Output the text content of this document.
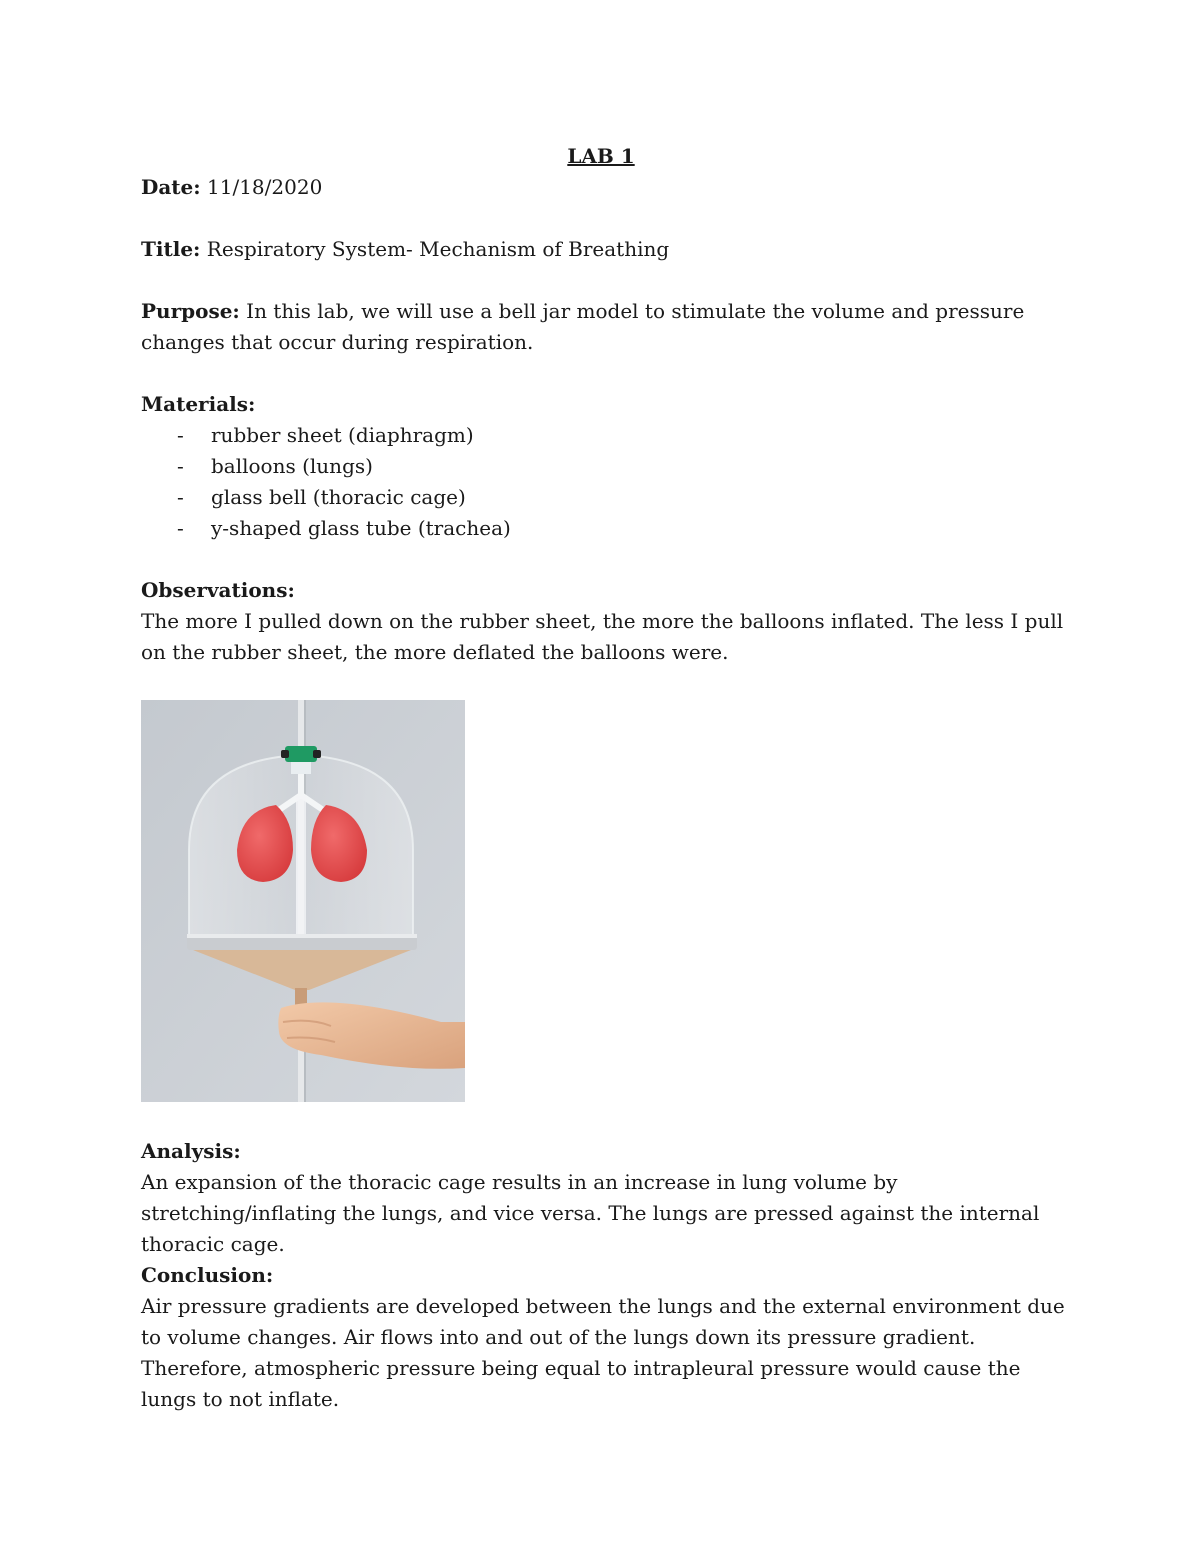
LAB 1
Date: 11/18/2020
Title: Respiratory System- Mechanism of Breathing
Purpose: In this lab, we will use a bell jar model to stimulate the volume and pressure changes that occur during respiration.
Materials:
- rubber sheet (diaphragm)
- balloons (lungs)
- glass bell (thoracic cage)
- y-shaped glass tube (trachea)
Observations:
The more I pulled down on the rubber sheet, the more the balloons inflated. The less I pull on the rubber sheet, the more deflated the balloons were.
Analysis:
An expansion of the thoracic cage results in an increase in lung volume by stretching/inflating the lungs, and vice versa. The lungs are pressed against the internal thoracic cage.
Conclusion:
Air pressure gradients are developed between the lungs and the external environment due to volume changes. Air flows into and out of the lungs down its pressure gradient. Therefore, atmospheric pressure being equal to intrapleural pressure would cause the lungs to not inflate.
